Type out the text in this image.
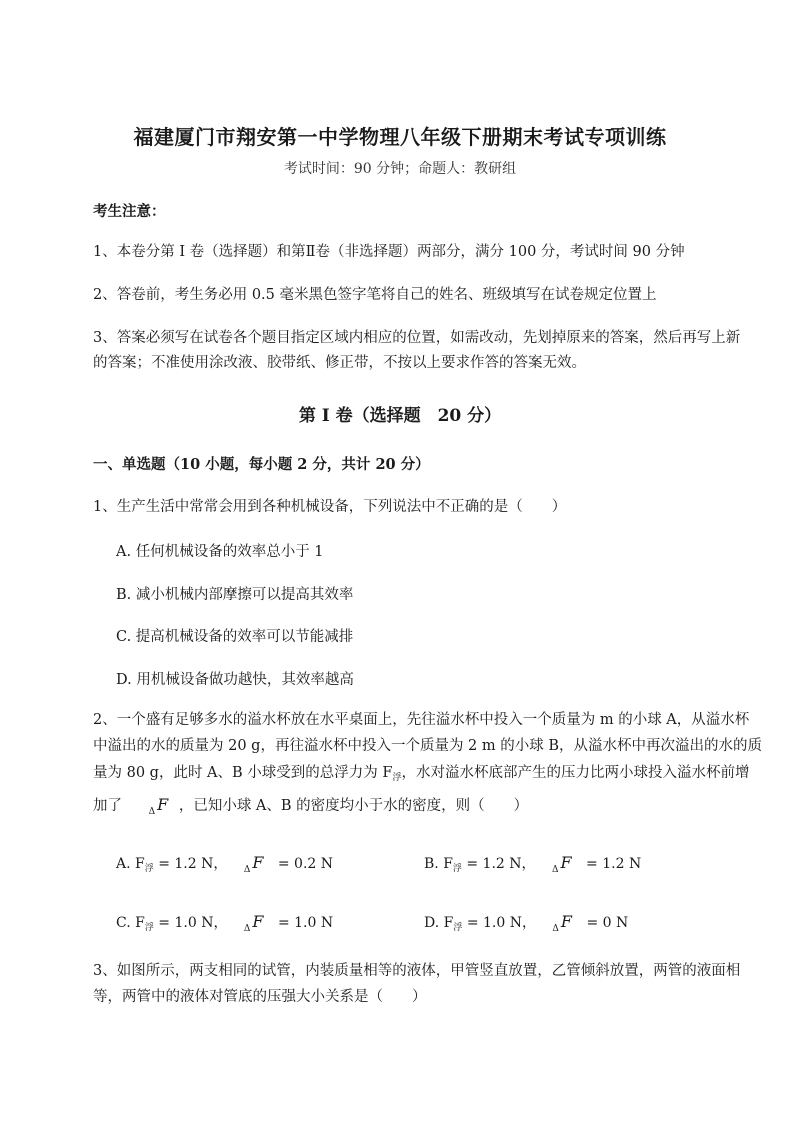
福建厦门市翔安第一中学物理八年级下册期末考试专项训练
考试时间：90 分钟；命题人：教研组
考生注意：
1、本卷分第 I 卷（选择题）和第Ⅱ卷（非选择题）两部分，满分 100 分，考试时间 90 分钟
2、答卷前，考生务必用 0.5 毫米黑色签字笔将自己的姓名、班级填写在试卷规定位置上
3、答案必须写在试卷各个题目指定区域内相应的位置，如需改动，先划掉原来的答案，然后再写上新
的答案；不准使用涂改液、胶带纸、修正带，不按以上要求作答的答案无效。
第 I 卷（选择题　20 分）
一、单选题（10 小题，每小题 2 分，共计 20 分）
1、生产生活中常常会用到各种机械设备，下列说法中不正确的是（　　）
A. 任何机械设备的效率总小于 1
B. 减小机械内部摩擦可以提高其效率
C. 提高机械设备的效率可以节能减排
D. 用机械设备做功越快，其效率越高
2、一个盛有足够多水的溢水杯放在水平桌面上，先往溢水杯中投入一个质量为 m 的小球 A，从溢水杯
中溢出的水的质量为 20 g，再往溢水杯中投入一个质量为 2 m 的小球 B，从溢水杯中再次溢出的水的质
量为 80 g，此时 A、B 小球受到的总浮力为 $F_浮$，水对溢水杯底部产生的压力比两小球投入溢水杯前增
加了	$_\Delta$ F ，已知小球 A、B 的密度均小于水的密度，则（　　）
A. $F_浮 = 1.2$ N， $_\Delta$ F = 0.2 N	B. $F_浮 = 1.2$ N， $_\Delta$ F = 1.2 N
C. $F_浮 = 1.0$ N， $_\Delta$ F = 1.0 N	D. $F_浮 = 1.0$ N， $_\Delta$ F = 0 N
3、如图所示，两支相同的试管，内装质量相等的液体，甲管竖直放置，乙管倾斜放置，两管的液面相
等，两管中的液体对管底的压强大小关系是（　　）
